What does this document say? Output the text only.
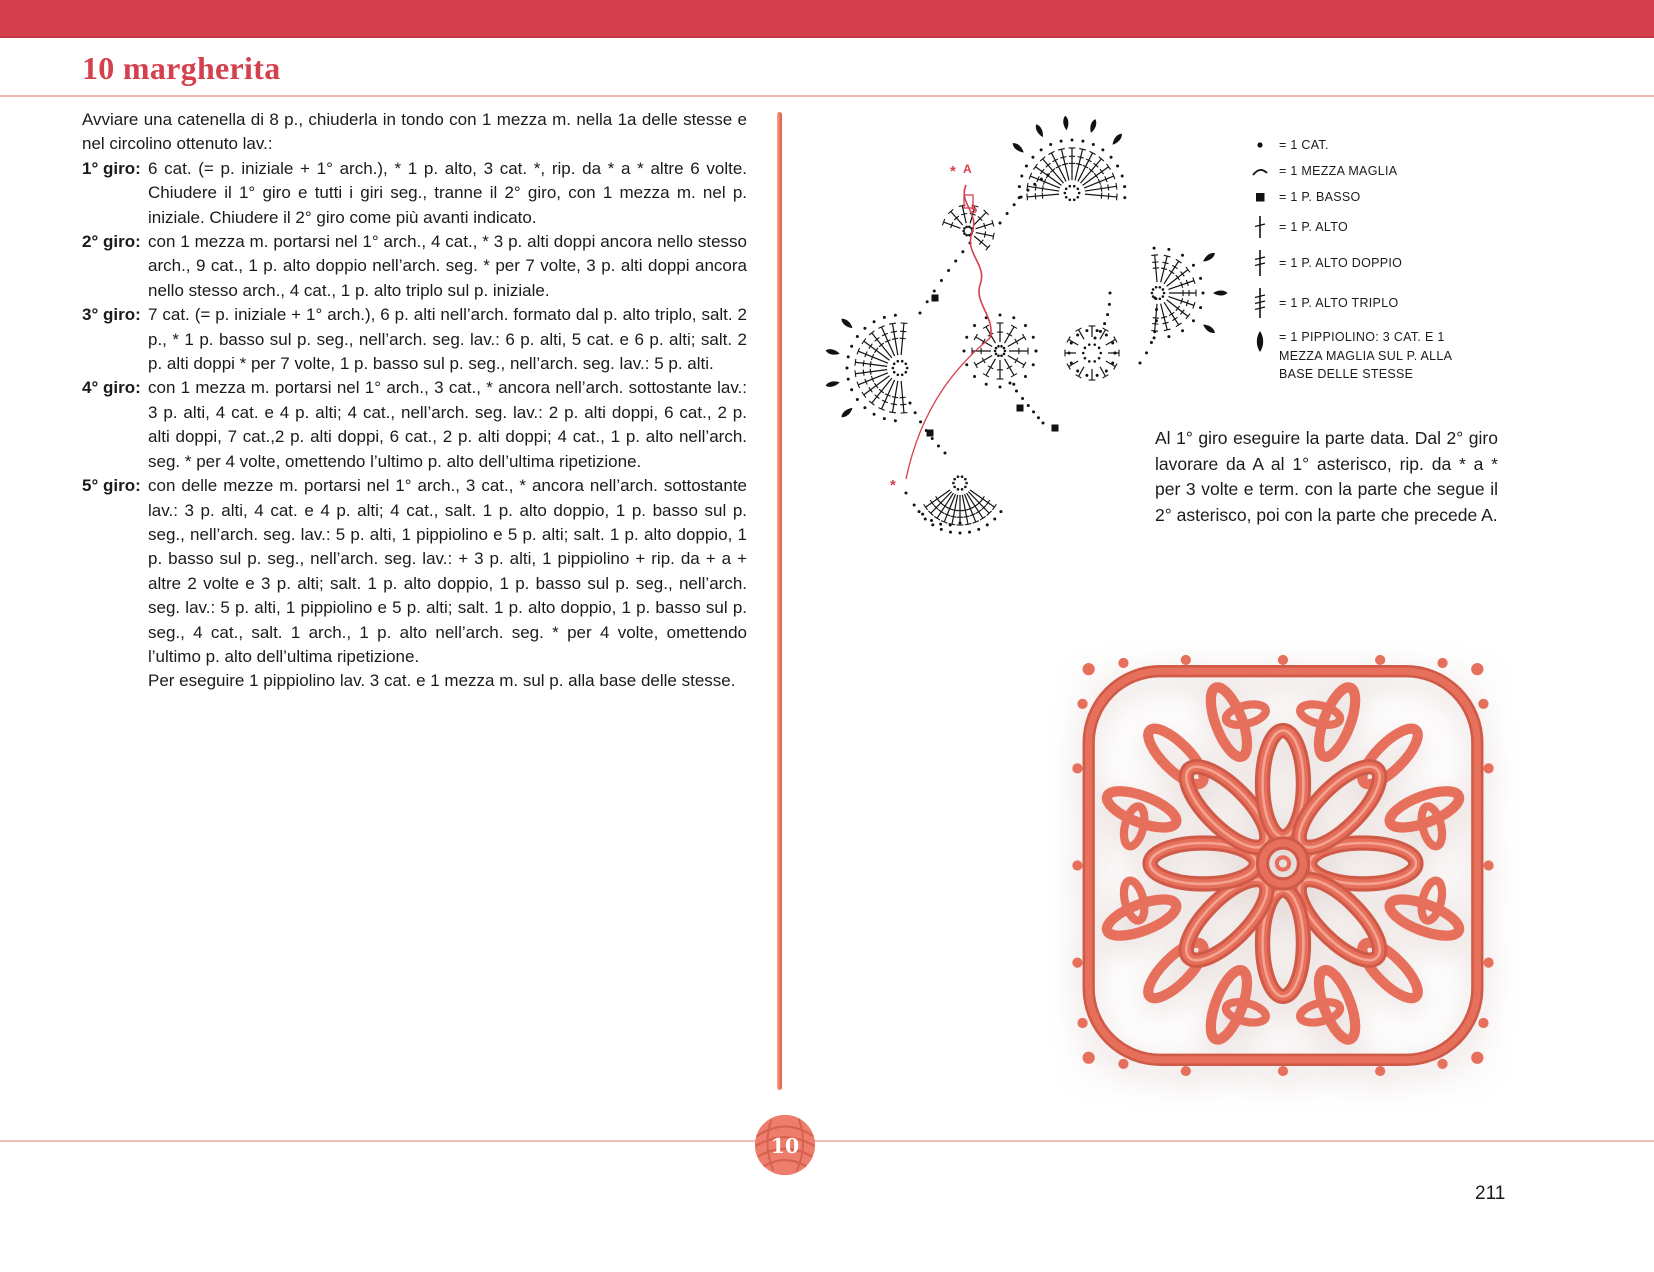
10 margherita

Avviare una catenella di 8 p., chiuderla in tondo con 1 mezza m. nella 1a delle stesse e nel circolino ottenuto lav.:

1° giro: 6 cat. (= p. iniziale + 1° arch.), * 1 p. alto, 3 cat. *, rip. da * a * altre 6 volte. Chiudere il 1° giro e tutti i giri seg., tranne il 2° giro, con 1 mezza m. nel p. iniziale. Chiudere il 2° giro come più avanti indicato.
2° giro: con 1 mezza m. portarsi nel 1° arch., 4 cat., * 3 p. alti doppi ancora nello stesso arch., 9 cat., 1 p. alto doppio nell’arch. seg. * per 7 volte, 3 p. alti doppi ancora nello stesso arch., 4 cat., 1 p. alto triplo sul p. iniziale.
3° giro: 7 cat. (= p. iniziale + 1° arch.), 6 p. alti nell’arch. formato dal p. alto triplo, salt. 2 p., * 1 p. basso sul p. seg., nell’arch. seg. lav.: 6 p. alti, 5 cat. e 6 p. alti; salt. 2 p. alti doppi * per 7 volte, 1 p. basso sul p. seg., nell’arch. seg. lav.: 5 p. alti.
4° giro: con 1 mezza m. portarsi nel 1° arch., 3 cat., * ancora nell’arch. sottostante lav.: 3 p. alti, 4 cat. e 4 p. alti; 4 cat., nell’arch. seg. lav.: 2 p. alti doppi, 6 cat., 2 p. alti doppi, 7 cat.,2 p. alti doppi, 6 cat., 2 p. alti doppi; 4 cat., 1 p. alto nell’arch. seg. * per 4 volte, omettendo l’ultimo p. alto dell’ultima ripetizione.
5° giro: con delle mezze m. portarsi nel 1° arch., 3 cat., * ancora nell’arch. sottostante lav.: 3 p. alti, 4 cat. e 4 p. alti; 4 cat., salt. 1 p. alto doppio, 1 p. basso sul p. seg., nell’arch. seg. lav.: 5 p. alti, 1 pippiolino e 5 p. alti; salt. 1 p. alto doppio, 1 p. basso sul p. seg., nell’arch. seg. lav.: + 3 p. alti, 1 pippiolino + rip. da + a + altre 2 volte e 3 p. alti; salt. 1 p. alto doppio, 1 p. basso sul p. seg., nell’arch. seg. lav.: 5 p. alti, 1 pippiolino e 5 p. alti; salt. 1 p. alto doppio, 1 p. basso sul p. seg., 4 cat., salt. 1 arch., 1 p. alto nell’arch. seg. * per 4 volte, omettendo l’ultimo p. alto dell’ultima ripetizione.
Per eseguire 1 pippiolino lav. 3 cat. e 1 mezza m. sul p. alla base delle stesse.
* A
5
*
= 1 CAT.
= 1 MEZZA MAGLIA
= 1 P. BASSO
= 1 P. ALTO
= 1 P. ALTO DOPPIO
= 1 P. ALTO TRIPLO
= 1 PIPPIOLINO: 3 CAT. E 1 MEZZA MAGLIA SUL P. ALLA BASE DELLE STESSE

Al 1° giro eseguire la parte data. Dal 2° giro lavorare da A al 1° asterisco, rip. da * a * per 3 volte e term. con la parte che segue il 2° asterisco, poi con la parte che precede A.

10
211
